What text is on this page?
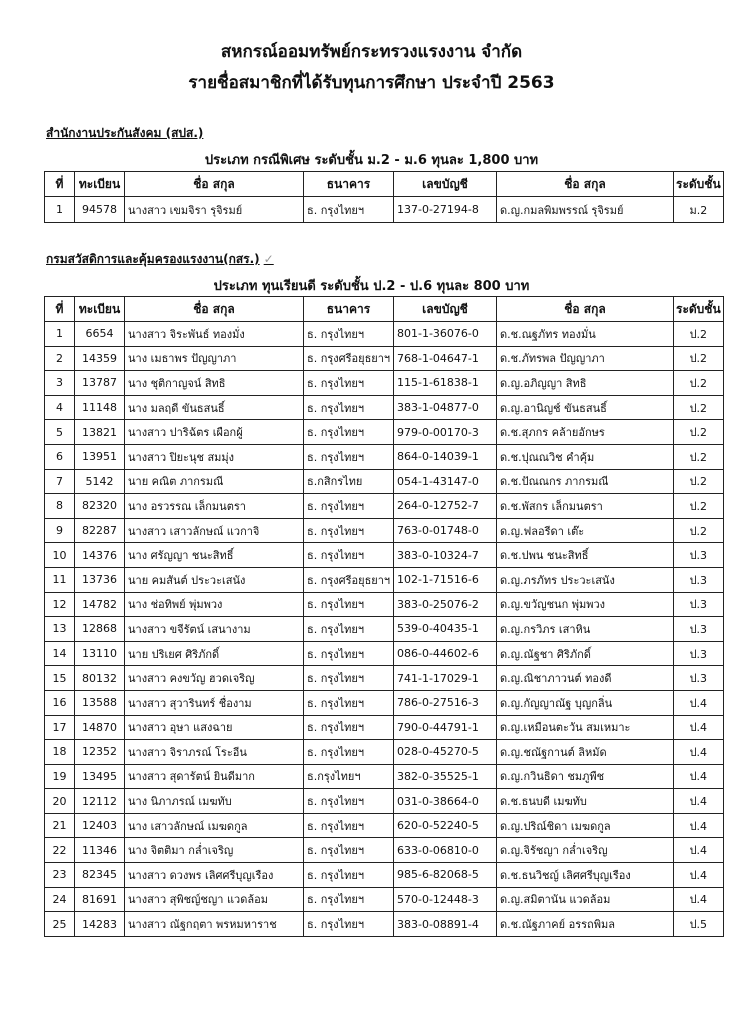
สหกรณ์ออมทรัพย์กระทรวงแรงงาน จำกัด
รายชื่อสมาชิกที่ได้รับทุนการศึกษา ประจำปี 2563
สำนักงานประกันสังคม (สปส.)
ประเภท กรณีพิเศษ ระดับชั้น ม.2 - ม.6 ทุนละ 1,800 บาท
ที่	ทะเบียน	ชื่อ สกุล	ธนาคาร	เลขบัญชี	ชื่อ สกุล	ระดับชั้น
1	94578	นางสาว เขมจิรา รุจิรมย์	ธ. กรุงไทยฯ	137-0-27194-8	ด.ญ.กมลพิมพรรณ์ รุจิรมย์	ม.2
กรมสวัสดิการและคุ้มครองแรงงาน(กสร.) ✓
ประเภท ทุนเรียนดี ระดับชั้น ป.2 - ป.6 ทุนละ 800 บาท
ที่	ทะเบียน	ชื่อ สกุล	ธนาคาร	เลขบัญชี	ชื่อ สกุล	ระดับชั้น
1	6654	นางสาว จิระพันธ์ ทองมั่ง	ธ. กรุงไทยฯ	801-1-36076-0	ด.ช.ณฐภัทร ทองมั่น	ป.2
2	14359	นาง เมธาพร ปัญญาภา	ธ. กรุงศรีอยุธยาฯ	768-1-04647-1	ด.ช.ภัทรพล ปัญญาภา	ป.2
3	13787	นาง ชุติกาญจน์ สิทธิ	ธ. กรุงไทยฯ	115-1-61838-1	ด.ญ.อภิญญา สิทธิ	ป.2
4	11148	นาง มลฤดี ขันธสนธิ์	ธ. กรุงไทยฯ	383-1-04877-0	ด.ญ.อานิญช์ ขันธสนธิ์	ป.2
5	13821	นางสาว ปาริฉัตร เผือกผู้	ธ. กรุงไทยฯ	979-0-00170-3	ด.ช.สุภกร คล้ายอักษร	ป.2
6	13951	นางสาว ปิยะนุช สมมุ่ง	ธ. กรุงไทยฯ	864-0-14039-1	ด.ช.ปุณณวิช คำคุ้ม	ป.2
7	5142	นาย คณิต ภากรมณี	ธ.กสิกรไทย	054-1-43147-0	ด.ช.ปัณณกร ภากรมณี	ป.2
8	82320	นาง อรวรรณ เล็กมนตรา	ธ. กรุงไทยฯ	264-0-12752-7	ด.ช.พัสกร เล็กมนตรา	ป.2
9	82287	นางสาว เสาวลักษณ์ แวกาจิ	ธ. กรุงไทยฯ	763-0-01748-0	ด.ญ.ฟลอรีดา เต๊ะ	ป.2
10	14376	นาง ศรัญญา ชนะสิทธิ์	ธ. กรุงไทยฯ	383-0-10324-7	ด.ช.ปพน ชนะสิทธิ์	ป.3
11	13736	นาย คมสันต์ ประวะเสนัง	ธ. กรุงศรีอยุธยาฯ	102-1-71516-6	ด.ญ.ภรภัทร ประวะเสนัง	ป.3
12	14782	นาง ช่อทิพย์ พุ่มพวง	ธ. กรุงไทยฯ	383-0-25076-2	ด.ญ.ขวัญชนก พุ่มพวง	ป.3
13	12868	นางสาว ขจีรัตน์ เสนางาม	ธ. กรุงไทยฯ	539-0-40435-1	ด.ญ.กรวิภร เสาหิน	ป.3
14	13110	นาย ปริเยศ ศิริภักดิ์	ธ. กรุงไทยฯ	086-0-44602-6	ด.ญ.ณัฐชา ศิริภักดิ์	ป.3
15	80132	นางสาว คงขวัญ ฮวดเจริญ	ธ. กรุงไทยฯ	741-1-17029-1	ด.ญ.ณิชาภาวนต์ ทองดี	ป.3
16	13588	นางสาว สุวารินทร์ ชื่องาม	ธ. กรุงไทยฯ	786-0-27516-3	ด.ญ.กัญญาณัฐ บุญกลิ่น	ป.4
17	14870	นางสาว อุษา แสงฉาย	ธ. กรุงไทยฯ	790-0-44791-1	ด.ญ.เหมือนตะวัน สมเหมาะ	ป.4
18	12352	นางสาว จิราภรณ์ โระอีน	ธ. กรุงไทยฯ	028-0-45270-5	ด.ญ.ชณัฐกานต์ ลิหมัด	ป.4
19	13495	นางสาว สุดารัตน์ ยินดีมาก	ธ.กรุงไทยฯ	382-0-35525-1	ด.ญ.กวินธิดา ชมภูพืช	ป.4
20	12112	นาง นิภาภรณ์ เมฆทับ	ธ. กรุงไทยฯ	031-0-38664-0	ด.ช.ธนบดี เมฆทับ	ป.4
21	12403	นาง เสาวลักษณ์ เมฆดกูล	ธ. กรุงไทยฯ	620-0-52240-5	ด.ญ.ปริณ์ชิดา เมฆดกูล	ป.4
22	11346	นาง จิตติมา กล่ำเจริญ	ธ. กรุงไทยฯ	633-0-06810-0	ด.ญ.จิรัชญา กล่ำเจริญ	ป.4
23	82345	นางสาว ดวงพร เลิศศรีบุญเรือง	ธ. กรุงไทยฯ	985-6-82068-5	ด.ช.ธนวิชญ์ เลิศศรีบุญเรือง	ป.4
24	81691	นางสาว สุพิชญ์ชญา แวดล้อม	ธ. กรุงไทยฯ	570-0-12448-3	ด.ญ.สมิตานัน แวดล้อม	ป.4
25	14283	นางสาว ณัฐกฤตา พรหมหาราช	ธ. กรุงไทยฯ	383-0-08891-4	ด.ช.ณัฐภาคย์ อรรถพิมล	ป.5
